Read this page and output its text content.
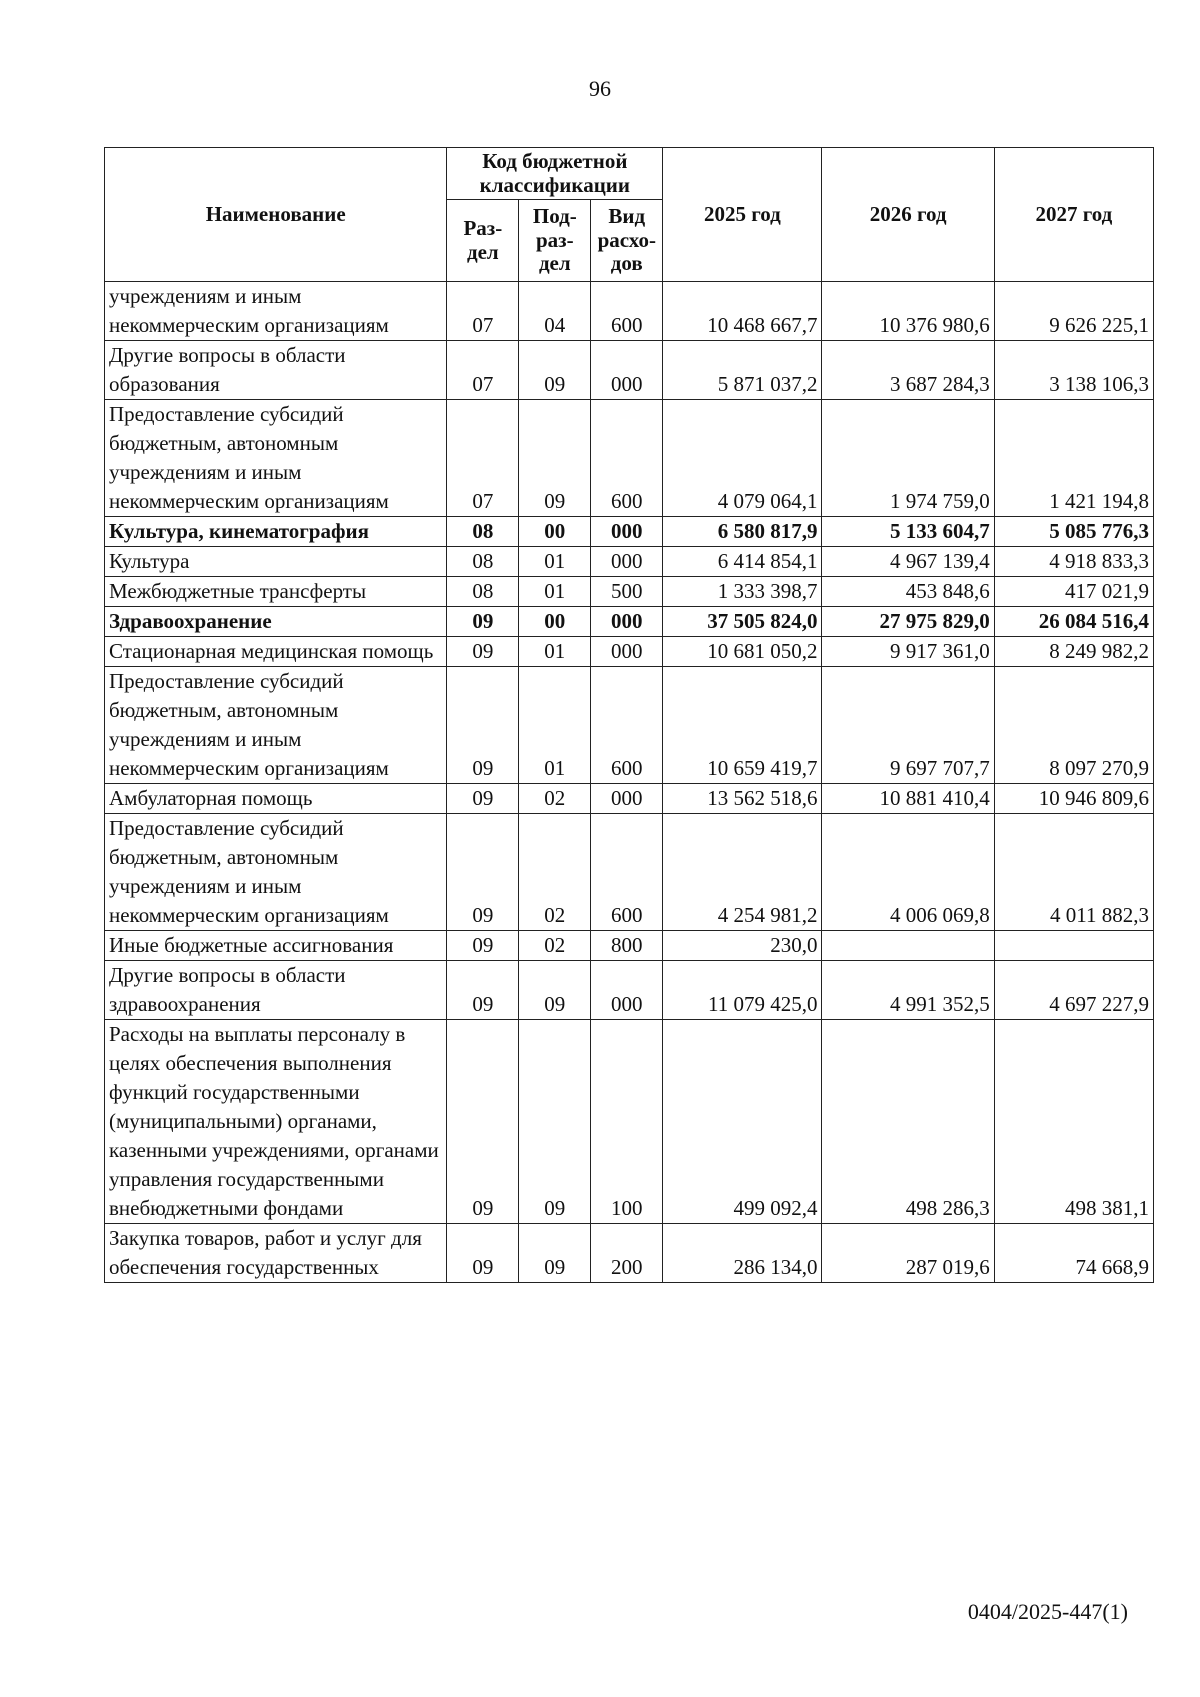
96
Наименование	Код бюджетной классификации			2025 год	2026 год	2027 год
	Раз-дел	Под-раз-дел	Вид расхо-дов			
учреждениям и иным некоммерческим организациям	07	04	600	10 468 667,7	10 376 980,6	9 626 225,1
Другие вопросы в области образования	07	09	000	5 871 037,2	3 687 284,3	3 138 106,3
Предоставление субсидий бюджетным, автономным учреждениям и иным некоммерческим организациям	07	09	600	4 079 064,1	1 974 759,0	1 421 194,8
Культура, кинематография	08	00	000	6 580 817,9	5 133 604,7	5 085 776,3
Культура	08	01	000	6 414 854,1	4 967 139,4	4 918 833,3
Межбюджетные трансферты	08	01	500	1 333 398,7	453 848,6	417 021,9
Здравоохранение	09	00	000	37 505 824,0	27 975 829,0	26 084 516,4
Стационарная медицинская помощь	09	01	000	10 681 050,2	9 917 361,0	8 249 982,2
Предоставление субсидий бюджетным, автономным учреждениям и иным некоммерческим организациям	09	01	600	10 659 419,7	9 697 707,7	8 097 270,9
Амбулаторная помощь	09	02	000	13 562 518,6	10 881 410,4	10 946 809,6
Предоставление субсидий бюджетным, автономным учреждениям и иным некоммерческим организациям	09	02	600	4 254 981,2	4 006 069,8	4 011 882,3
Иные бюджетные ассигнования	09	02	800	230,0		
Другие вопросы в области здравоохранения	09	09	000	11 079 425,0	4 991 352,5	4 697 227,9
Расходы на выплаты персоналу в целях обеспечения выполнения функций государственными (муниципальными) органами, казенными учреждениями, органами управления государственными внебюджетными фондами	09	09	100	499 092,4	498 286,3	498 381,1
Закупка товаров, работ и услуг для обеспечения государственных	09	09	200	286 134,0	287 019,6	74 668,9
0404/2025-447(1)
